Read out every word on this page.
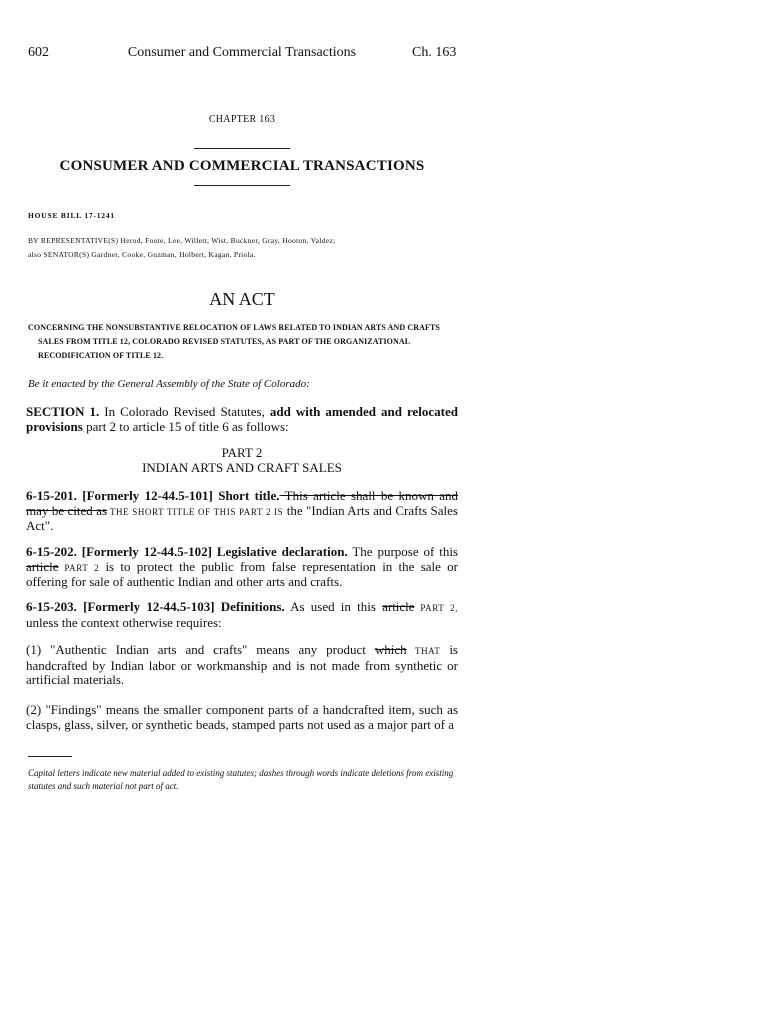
602	Consumer and Commercial Transactions	Ch. 163
CHAPTER 163
CONSUMER AND COMMERCIAL TRANSACTIONS
HOUSE BILL 17-1241
BY REPRESENTATIVE(S) Herod, Foote, Lee, Willett, Wist, Buckner, Gray, Hooton, Valdez;
also SENATOR(S) Gardner, Cooke, Guzman, Holbert, Kagan, Priola.
AN ACT
CONCERNING THE NONSUBSTANTIVE RELOCATION OF LAWS RELATED TO INDIAN ARTS AND CRAFTS
SALES FROM TITLE 12, COLORADO REVISED STATUTES, AS PART OF THE ORGANIZATIONAL
RECODIFICATION OF TITLE 12.
Be it enacted by the General Assembly of the State of Colorado:
SECTION 1. In Colorado Revised Statutes, add with amended and relocated provisions part 2 to article 15 of title 6 as follows:
PART 2
INDIAN ARTS AND CRAFT SALES
6-15-201. [Formerly 12-44.5-101] Short title. This article shall be known and may be cited as THE SHORT TITLE OF THIS PART 2 IS the "Indian Arts and Crafts Sales Act".
6-15-202. [Formerly 12-44.5-102] Legislative declaration. The purpose of this article PART 2 is to protect the public from false representation in the sale or offering for sale of authentic Indian and other arts and crafts.
6-15-203. [Formerly 12-44.5-103] Definitions. As used in this article PART 2, unless the context otherwise requires:
(1) "Authentic Indian arts and crafts" means any product which THAT is handcrafted by Indian labor or workmanship and is not made from synthetic or artificial materials.
(2) "Findings" means the smaller component parts of a handcrafted item, such as clasps, glass, silver, or synthetic beads, stamped parts not used as a major part of a
Capital letters indicate new material added to existing statutes; dashes through words indicate deletions from existing statutes and such material not part of act.
